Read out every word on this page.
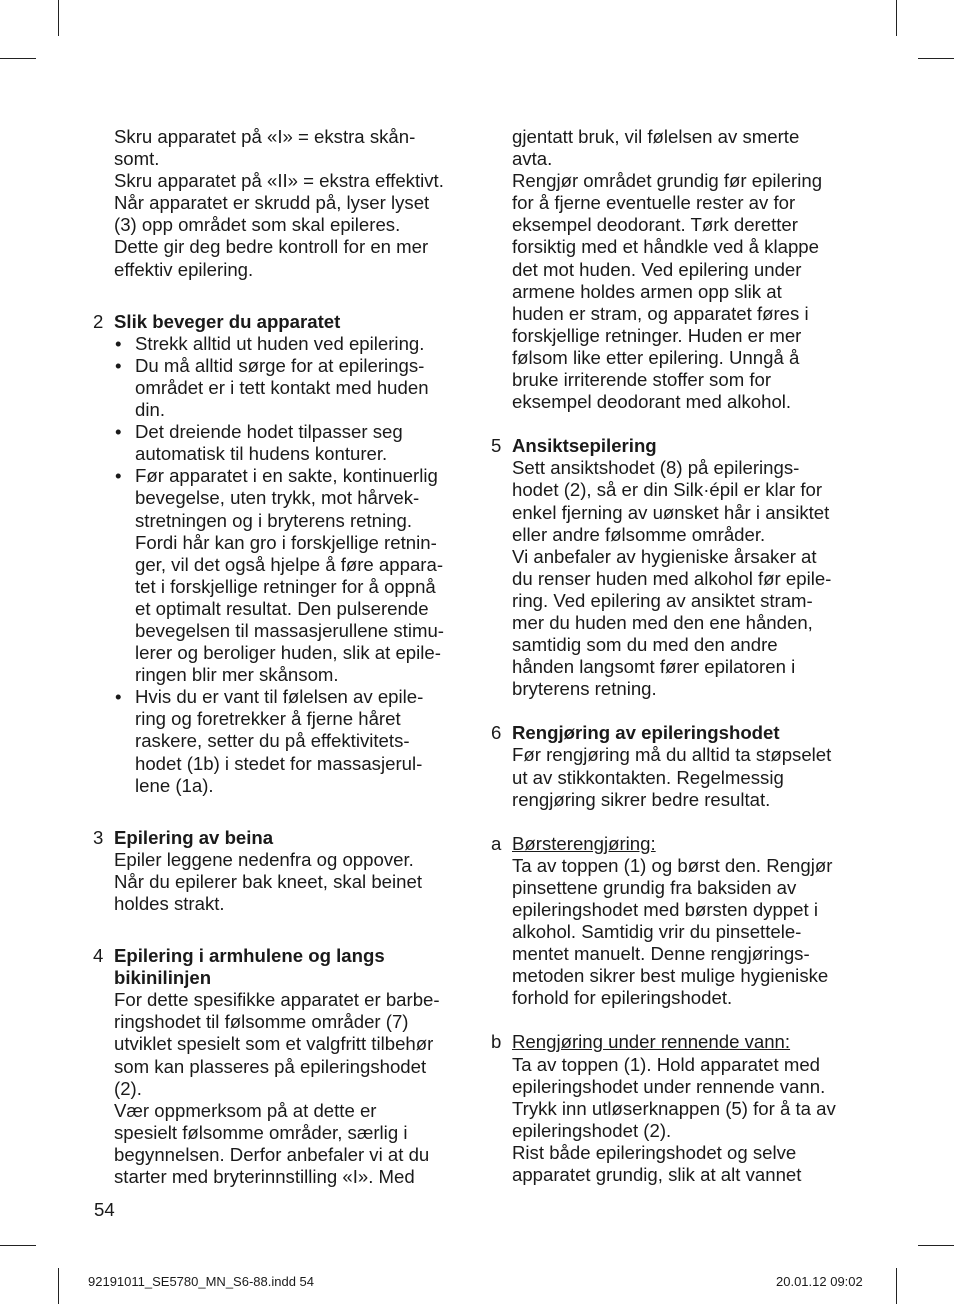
Skru apparatet på «I» = ekstra skån-
somt.
Skru apparatet på «II» = ekstra effektivt.
Når apparatet er skrudd på, lyser lyset
(3) opp området som skal epileres.
Dette gir deg bedre kontroll for en mer
effektiv epilering.
2 Slik beveger du apparatet
• Strekk alltid ut huden ved epilering.
• Du må alltid sørge for at epilerings-
området er i tett kontakt med huden
din.
• Det dreiende hodet tilpasser seg
automatisk til hudens konturer.
• Før apparatet i en sakte, kontinuerlig
bevegelse, uten trykk, mot hårvek-
stretningen og i bryterens retning.
Fordi hår kan gro i forskjellige retnin-
ger, vil det også hjelpe å føre appara-
tet i forskjellige retninger for å oppnå
et optimalt resultat. Den pulserende
bevegelsen til massasjerullene stimu-
lerer og beroliger huden, slik at epile-
ringen blir mer skånsom.
• Hvis du er vant til følelsen av epile-
ring og foretrekker å fjerne håret
raskere, setter du på effektivitets-
hodet (1b) i stedet for massasjerul-
lene (1a).
3 Epilering av beina
Epiler leggene nedenfra og oppover.
Når du epilerer bak kneet, skal beinet
holdes strakt.
4 Epilering i armhulene og langs
bikinilinjen
For dette spesifikke apparatet er barbe-
ringshodet til følsomme områder (7)
utviklet spesielt som et valgfritt tilbehør
som kan plasseres på epileringshodet
(2).
Vær oppmerksom på at dette er
spesielt følsomme områder, særlig i
begynnelsen. Derfor anbefaler vi at du
starter med bryterinnstilling «I». Med
gjentatt bruk, vil følelsen av smerte
avta.
Rengjør området grundig før epilering
for å fjerne eventuelle rester av for
eksempel deodorant. Tørk deretter
forsiktig med et håndkle ved å klappe
det mot huden. Ved epilering under
armene holdes armen opp slik at
huden er stram, og apparatet føres i
forskjellige retninger. Huden er mer
følsom like etter epilering. Unngå å
bruke irriterende stoffer som for
eksempel deodorant med alkohol.
5 Ansiktsepilering
Sett ansiktshodet (8) på epilerings-
hodet (2), så er din Silk·épil er klar for
enkel fjerning av uønsket hår i ansiktet
eller andre følsomme områder.
Vi anbefaler av hygieniske årsaker at
du renser huden med alkohol før epile-
ring. Ved epilering av ansiktet stram-
mer du huden med den ene hånden,
samtidig som du med den andre
hånden langsomt fører epilatoren i
bryterens retning.
6 Rengjøring av epileringshodet
Før rengjøring må du alltid ta støpselet
ut av stikkontakten. Regelmessig
rengjøring sikrer bedre resultat.
a Børsterengjøring:
Ta av toppen (1) og børst den. Rengjør
pinsettene grundig fra baksiden av
epileringshodet med børsten dyppet i
alkohol. Samtidig vrir du pinsettele-
mentet manuelt. Denne rengjørings-
metoden sikrer best mulige hygieniske
forhold for epileringshodet.
b Rengjøring under rennende vann:
Ta av toppen (1). Hold apparatet med
epileringshodet under rennende vann.
Trykk inn utløserknappen (5) for å ta av
epileringshodet (2).
Rist både epileringshodet og selve
apparatet grundig, slik at alt vannet
54
92191011_SE5780_MN_S6-88.indd 54	20.01.12 09:02
